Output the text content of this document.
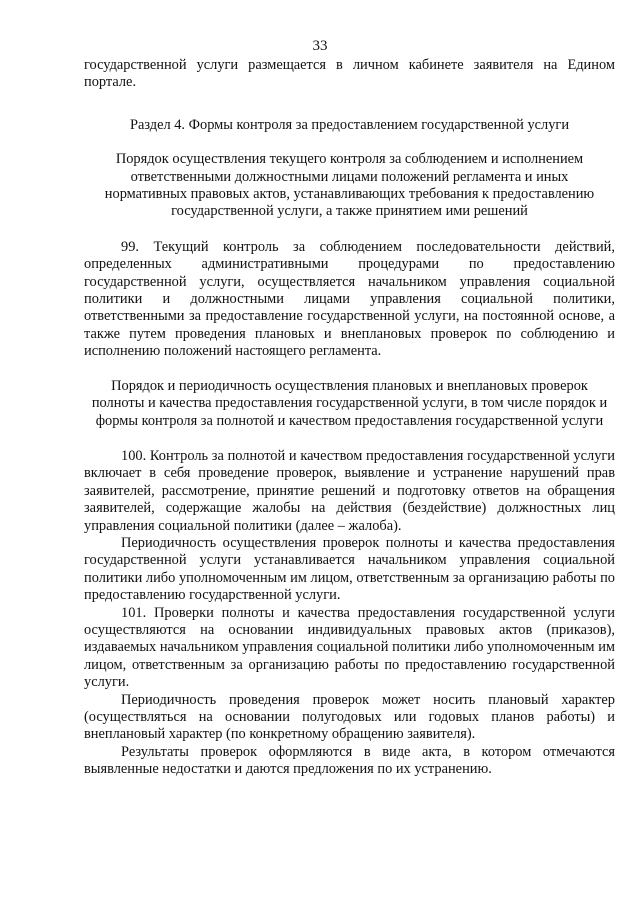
33

государственной услуги размещается в личном кабинете заявителя на Едином портале.

Раздел 4. Формы контроля за предоставлением государственной услуги

Порядок осуществления текущего контроля за соблюдением и исполнением ответственными должностными лицами положений регламента и иных нормативных правовых актов, устанавливающих требования к предоставлению государственной услуги, а также принятием ими решений

99. Текущий контроль за соблюдением последовательности действий, определенных административными процедурами по предоставлению государственной услуги, осуществляется начальником управления социальной политики и должностными лицами управления социальной политики, ответственными за предоставление государственной услуги, на постоянной основе, а также путем проведения плановых и внеплановых проверок по соблюдению и исполнению положений настоящего регламента.

Порядок и периодичность осуществления плановых и внеплановых проверок полноты и качества предоставления государственной услуги, в том числе порядок и формы контроля за полнотой и качеством предоставления государственной услуги

100. Контроль за полнотой и качеством предоставления государственной услуги включает в себя проведение проверок, выявление и устранение нарушений прав заявителей, рассмотрение, принятие решений и подготовку ответов на обращения заявителей, содержащие жалобы на действия (бездействие) должностных лиц управления социальной политики (далее – жалоба).

Периодичность осуществления проверок полноты и качества предоставления государственной услуги устанавливается начальником управления социальной политики либо уполномоченным им лицом, ответственным за организацию работы по предоставлению государственной услуги.

101. Проверки полноты и качества предоставления государственной услуги осуществляются на основании индивидуальных правовых актов (приказов), издаваемых начальником управления социальной политики либо уполномоченным им лицом, ответственным за организацию работы по предоставлению государственной услуги.

Периодичность проведения проверок может носить плановый характер (осуществляться на основании полугодовых или годовых планов работы) и внеплановый характер (по конкретному обращению заявителя).

Результаты проверок оформляются в виде акта, в котором отмечаются выявленные недостатки и даются предложения по их устранению.
